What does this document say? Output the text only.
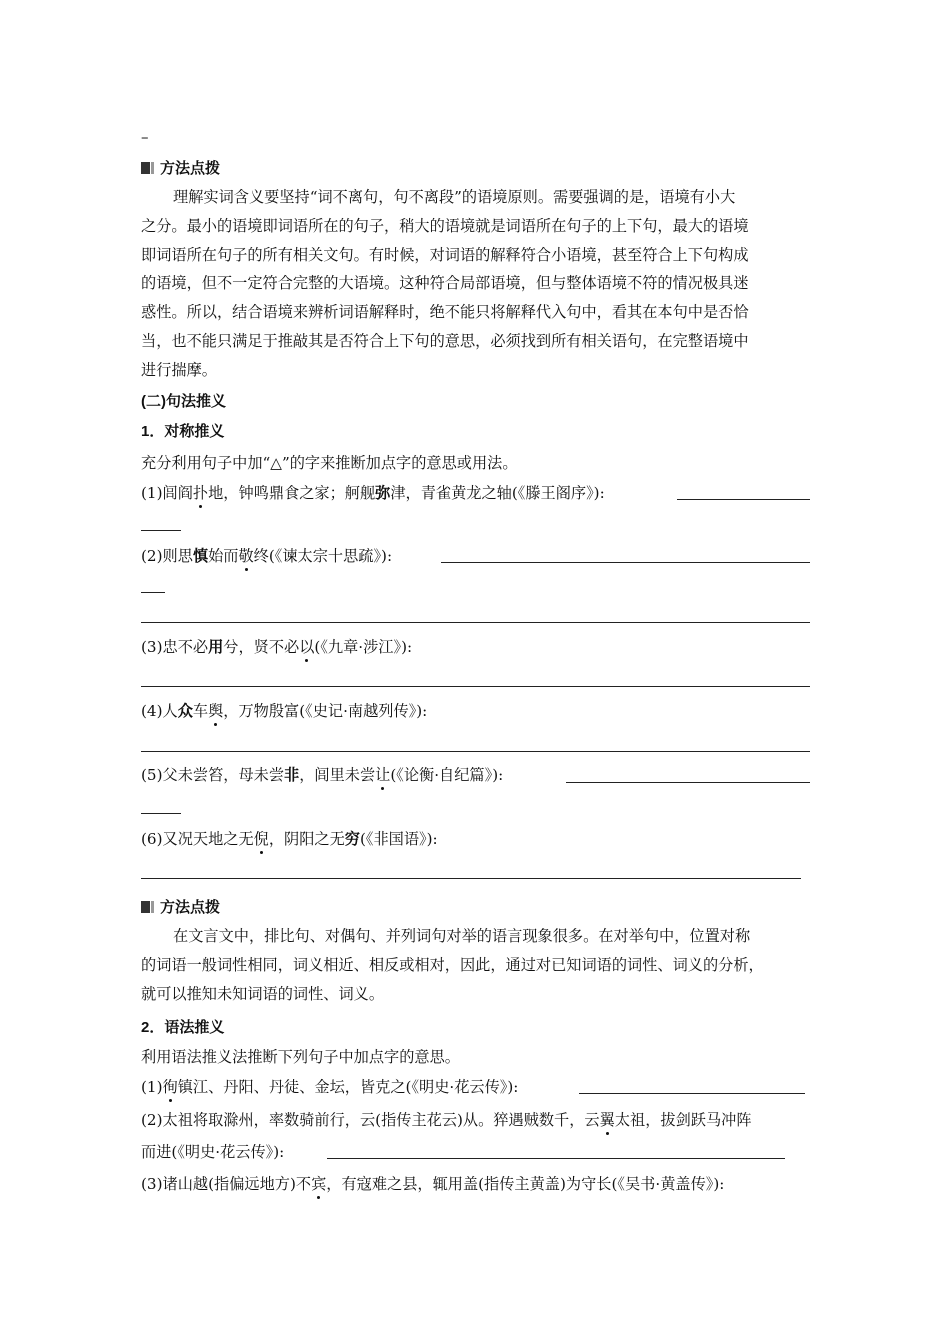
–
方法点拨
理解实词含义要坚持“词不离句，句不离段”的语境原则。需要强调的是，语境有小大
之分。最小的语境即词语所在的句子，稍大的语境就是词语所在句子的上下句，最大的语境
即词语所在句子的所有相关文句。有时候，对词语的解释符合小语境，甚至符合上下句构成
的语境，但不一定符合完整的大语境。这种符合局部语境，但与整体语境不符的情况极具迷
惑性。所以，结合语境来辨析词语解释时，绝不能只将解释代入句中，看其在本句中是否恰
当，也不能只满足于推敲其是否符合上下句的意思，必须找到所有相关语句，在完整语境中
进行揣摩。
(二)句法推义
1．对称推义
充分利用句子中加“△”的字来推断加点字的意思或用法。
(1)闾阎扑地，钟鸣鼎食之家；舸舰弥津，青雀黄龙之轴(《滕王阁序》):
(2)则思慎始而敬终(《谏太宗十思疏》):
(3)忠不必用兮，贤不必以(《九章·涉江》):
(4)人众车舆，万物殷富(《史记·南越列传》):
(5)父未尝笞，母未尝非，闾里未尝让(《论衡·自纪篇》):
(6)又况天地之无倪，阴阳之无穷(《非国语》):
方法点拨
在文言文中，排比句、对偶句、并列词句对举的语言现象很多。在对举句中，位置对称
的词语一般词性相同，词义相近、相反或相对，因此，通过对已知词语的词性、词义的分析，
就可以推知未知词语的词性、词义。
2．语法推义
利用语法推义法推断下列句子中加点字的意思。
(1)徇镇江、丹阳、丹徒、金坛，皆克之(《明史·花云传》):
(2)太祖将取滁州，率数骑前行，云(指传主花云)从。猝遇贼数千，云翼太祖，拔剑跃马冲阵
而进(《明史·花云传》):
(3)诸山越(指偏远地方)不宾，有寇难之县，辄用盖(指传主黄盖)为守长(《吴书·黄盖传》):
